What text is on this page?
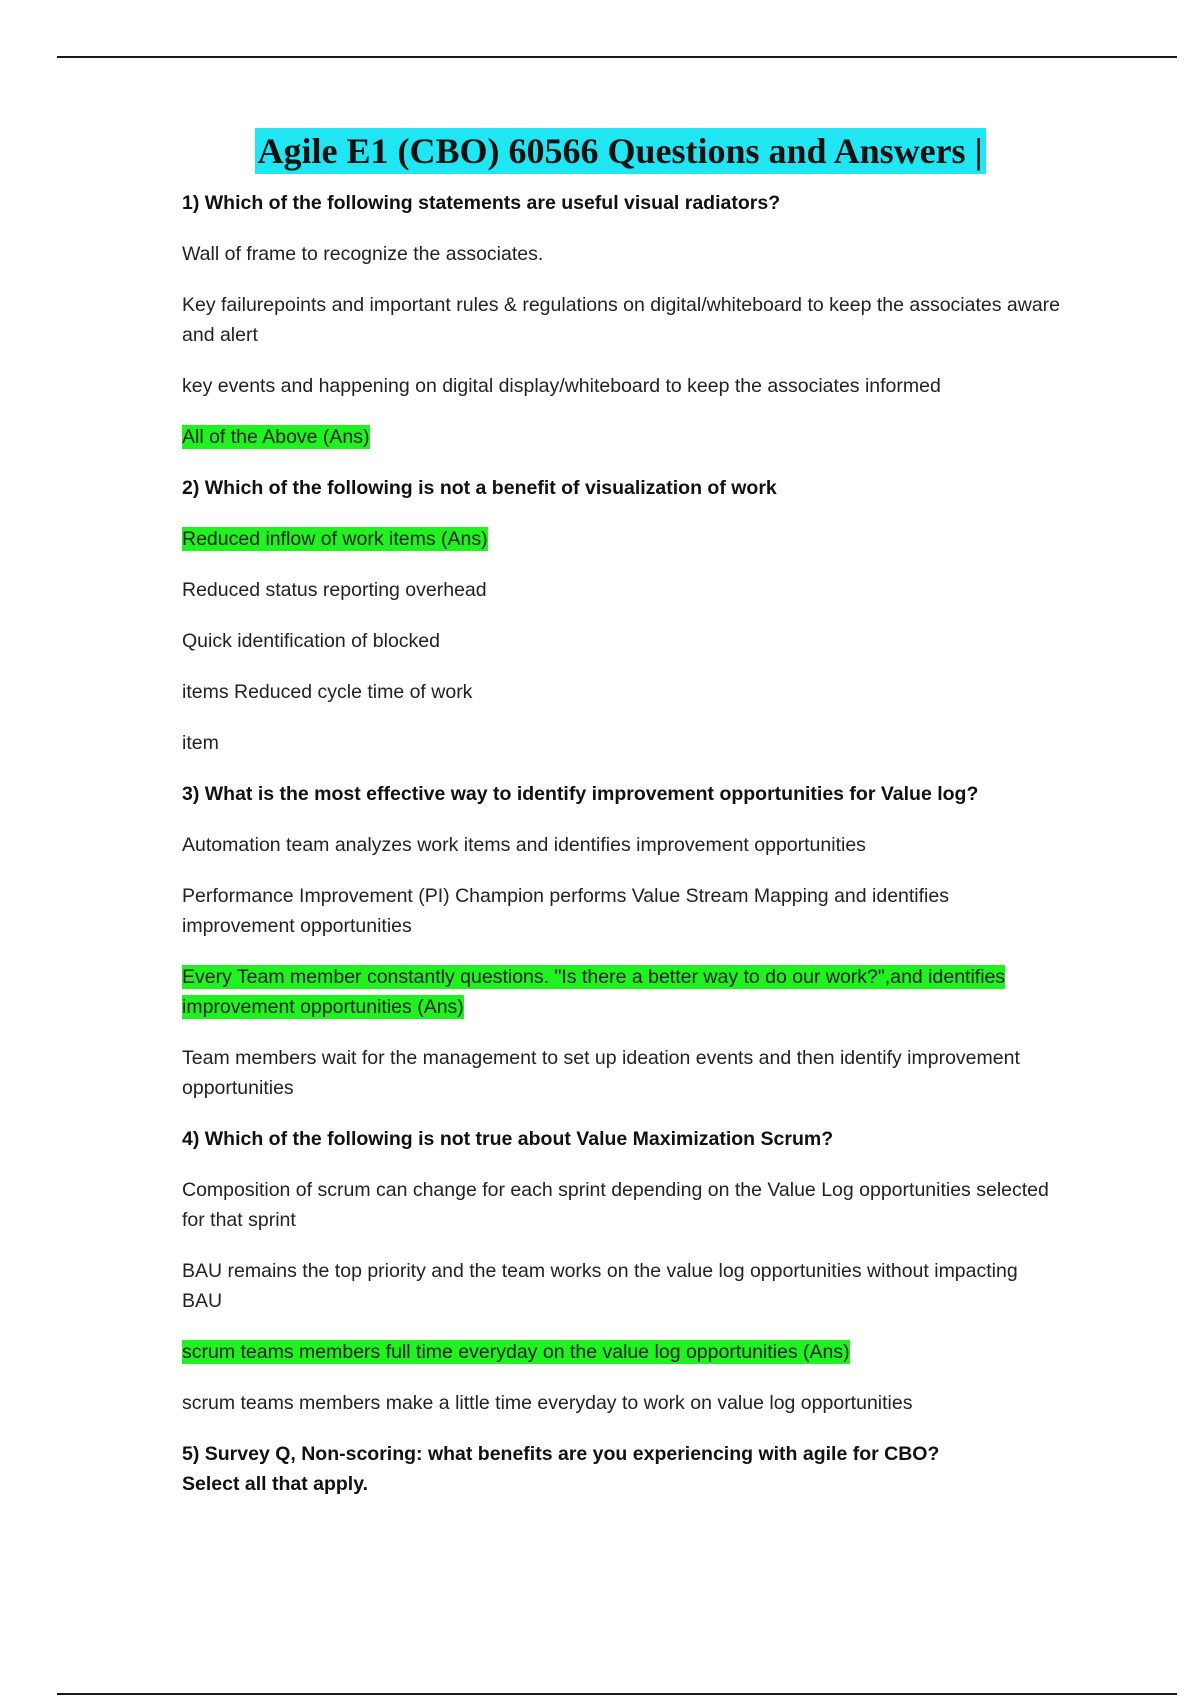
Agile E1 (CBO) 60566 Questions and Answers |

1) Which of the following statements are useful visual radiators?

Wall of frame to recognize the associates.

Key failurepoints and important rules & regulations on digital/whiteboard to keep the associates aware and alert

key events and happening on digital display/whiteboard to keep the associates informed

All of the Above (Ans)

2) Which of the following is not a benefit of visualization of work

Reduced inflow of work items (Ans)

Reduced status reporting overhead

Quick identification of blocked

items Reduced cycle time of work

item

3) What is the most effective way to identify improvement opportunities for Value log?

Automation team analyzes work items and identifies improvement opportunities

Performance Improvement (PI) Champion performs Value Stream Mapping and identifies improvement opportunities

Every Team member constantly questions. "Is there a better way to do our work?",and identifies improvement opportunities (Ans)

Team members wait for the management to set up ideation events and then identify improvement opportunities

4) Which of the following is not true about Value Maximization Scrum?

Composition of scrum can change for each sprint depending on the Value Log opportunities selected for that sprint

BAU remains the top priority and the team works on the value log opportunities without impacting BAU

scrum teams members full time everyday on the value log opportunities (Ans)

scrum teams members make a little time everyday to work on value log opportunities

5) Survey Q, Non-scoring: what benefits are you experiencing with agile for CBO? Select all that apply.
